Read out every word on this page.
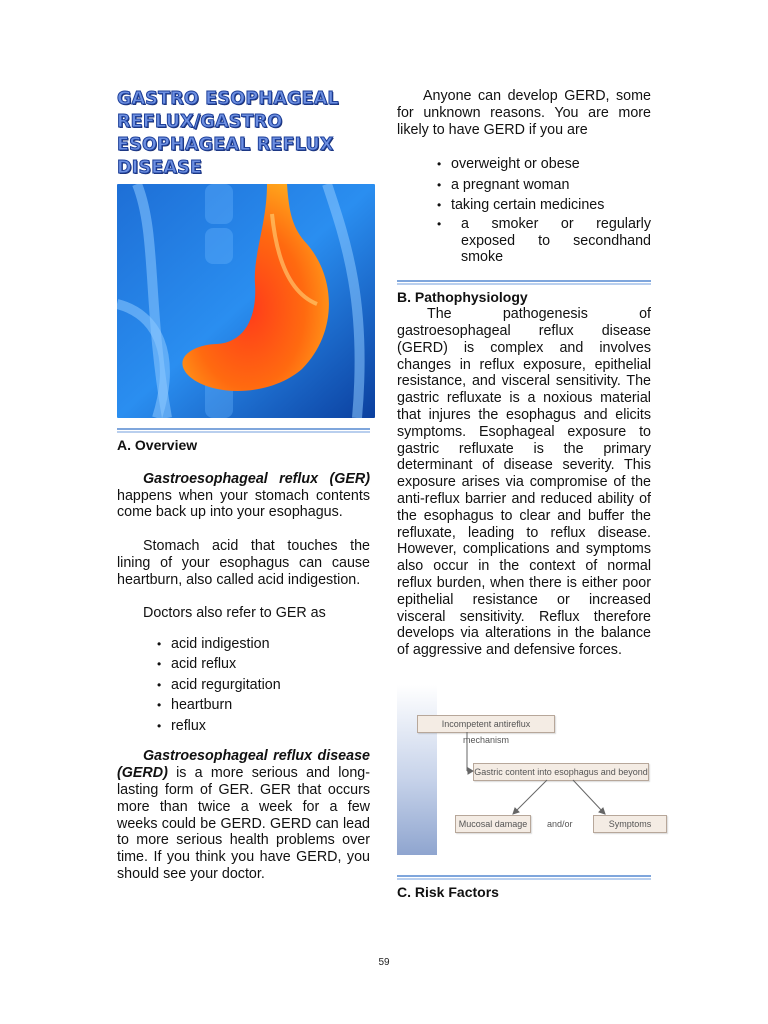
GASTRO ESOPHAGEAL REFLUX/GASTRO ESOPHAGEAL REFLUX DISEASE
A. Overview

Gastroesophageal reflux (GER) happens when your stomach contents come back up into your esophagus.

Stomach acid that touches the lining of your esophagus can cause heartburn, also called acid indigestion.

Doctors also refer to GER as

• acid indigestion
• acid reflux
• acid regurgitation
• heartburn
• reflux

Gastroesophageal reflux disease (GERD) is a more serious and long-lasting form of GER. GER that occurs more than twice a week for a few weeks could be GERD. GERD can lead to more serious health problems over time. If you think you have GERD, you should see your doctor.

Anyone can develop GERD, some for unknown reasons. You are more likely to have GERD if you are

• overweight or obese
• a pregnant woman
• taking certain medicines
• a smoker or regularly exposed to secondhand smoke
B. Pathophysiology

The pathogenesis of gastroesophageal reflux disease (GERD) is complex and involves changes in reflux exposure, epithelial resistance, and visceral sensitivity. The gastric refluxate is a noxious material that injures the esophagus and elicits symptoms. Esophageal exposure to gastric refluxate is the primary determinant of disease severity. This exposure arises via compromise of the anti-reflux barrier and reduced ability of the esophagus to clear and buffer the refluxate, leading to reflux disease. However, complications and symptoms also occur in the context of normal reflux burden, when there is either poor epithelial resistance or increased visceral sensitivity. Reflux therefore develops via alterations in the balance of aggressive and defensive forces.

Incompetent antireflux mechanism
Gastric content into esophagus and beyond
Mucosal damage	and/or	Symptoms
C. Risk Factors
59
